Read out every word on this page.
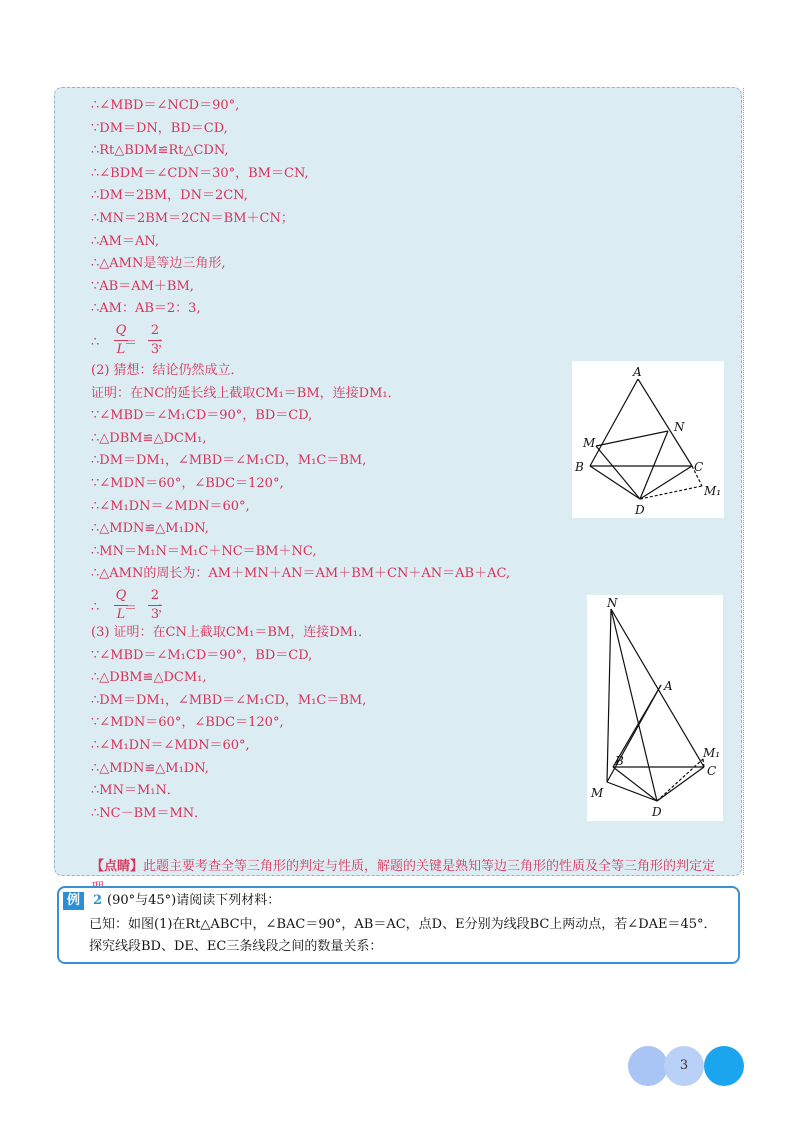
∴∠MBD＝∠NCD＝90°,
∵DM＝DN，BD＝CD,
∴Rt△BDM≌Rt△CDN,
∴∠BDM＝∠CDN＝30°，BM＝CN,
∴DM＝2BM，DN＝2CN,
∴MN＝2BM＝2CN＝BM＋CN；
∴AM＝AN,
∴△AMN是等边三角形,
∵AB＝AM＋BM,
∴AM：AB＝2：3,
∴
Q
L
＝
2
3
；
(2) 猜想：结论仍然成立．
证明：在NC的延长线上截取CM₁＝BM，连接DM₁．
∵∠MBD＝∠M₁CD＝90°，BD＝CD,
∴△DBM≌△DCM₁,
∴DM＝DM₁，∠MBD＝∠M₁CD，M₁C＝BM,
∵∠MDN＝60°，∠BDC＝120°,
∴∠M₁DN＝∠MDN＝60°,
∴△MDN≌△M₁DN,
∴MN＝M₁N＝M₁C＋NC＝BM＋NC,
∴△AMN的周长为：AM＋MN＋AN＝AM＋BM＋CN＋AN＝AB＋AC,
∴
Q
L
＝
2
3
；
(3) 证明：在CN上截取CM₁＝BM，连接DM₁．
∵∠MBD＝∠M₁CD＝90°，BD＝CD,
∴△DBM≌△DCM₁,
∴DM＝DM₁，∠MBD＝∠M₁CD，M₁C＝BM,
∵∠MDN＝60°，∠BDC＝120°,
∴∠M₁DN＝∠MDN＝60°,
∴△MDN≌△M₁DN,
∴MN＝M₁N．
∴NC－BM＝MN．
【点睛】此题主要考查全等三角形的判定与性质，解题的关键是熟知等边三角形的性质及全等三角形的判定定
A
N
M
B	C
M₁
D
N
A
M₁
B
C
M
D
例 2 (90°与45°)请阅读下列材料：
已知：如图(1)在Rt△ABC中，∠BAC＝90°，AB＝AC，点D、E分别为线段BC上两动点，若∠DAE＝45°．
探究线段BD、DE、EC三条线段之间的数量关系：
3
